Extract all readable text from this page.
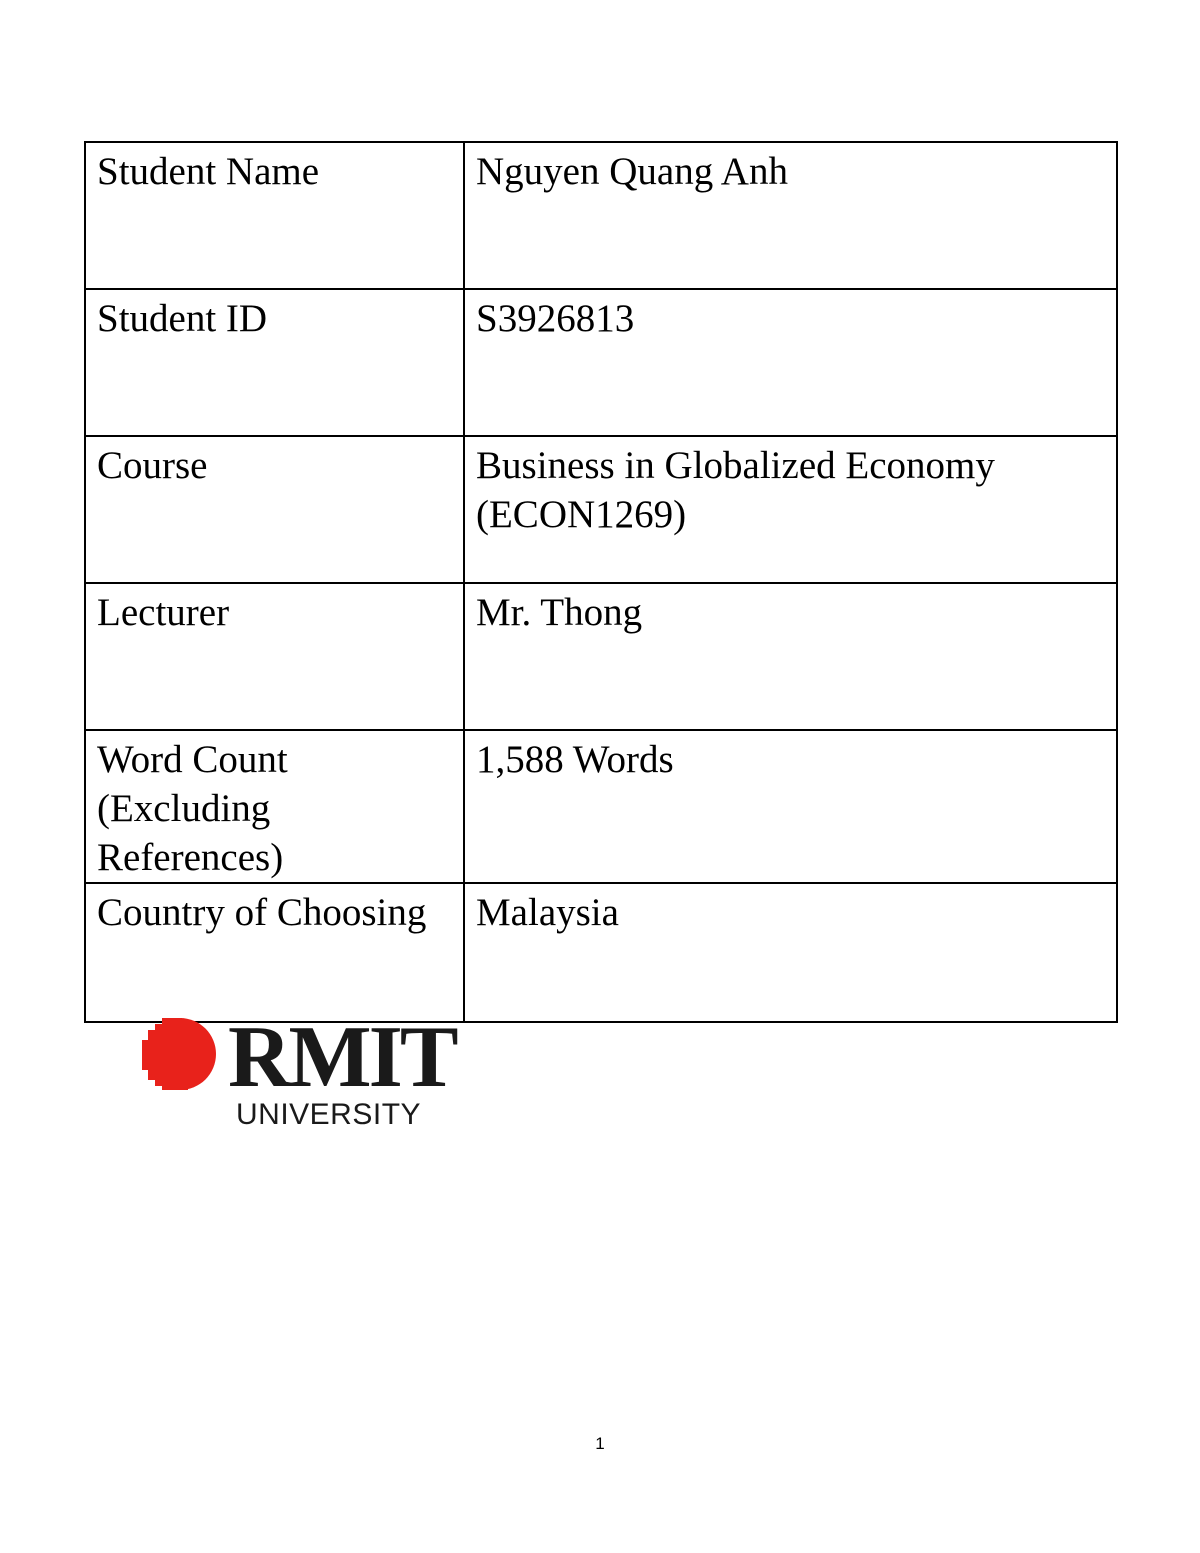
Student Name	Nguyen Quang Anh
Student ID	S3926813
Course	Business in Globalized Economy (ECON1269)
Lecturer	Mr. Thong
Word Count (Excluding References)	1,588 Words
Country of Choosing	Malaysia
RMIT
UNIVERSITY
1
